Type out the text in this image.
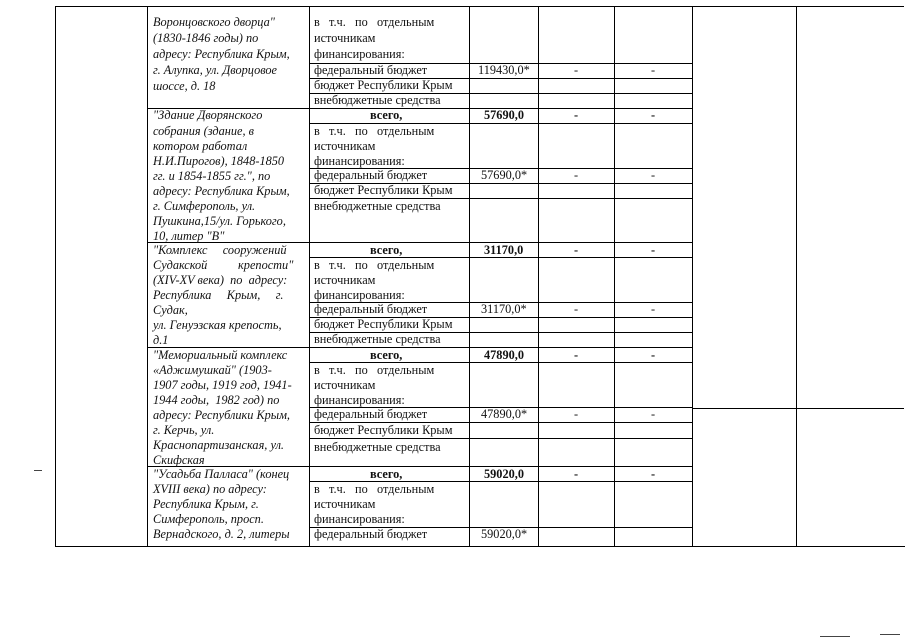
Воронцовского дворца"
(1830-1846 годы) по
адресу: Республика Крым,
г. Алупка, ул. Дворцовое
шоссе, д. 18
в   т.ч.   по   отдельным
источникам
финансирования:
федеральный бюджет	119430,0*	-	-
бюджет Республики Крым
внебюджетные средства
"Здание Дворянского
собрания (здание, в
котором работал
Н.И.Пирогов), 1848-1850
гг. и 1854-1855 гг.", по
адресу: Республика Крым,
г. Симферополь, ул.
Пушкина,15/ул. Горького,
10, литер "В"
всего,	57690,0	-	-
в   т.ч.   по   отдельным
источникам
финансирования:
федеральный бюджет	57690,0*	-	-
бюджет Республики Крым
внебюджетные средства
"Комплекс     сооружений
Судакской          крепости"
(XIV-XV века)  по  адресу:
Республика     Крым,     г.
Судак,
ул. Генуэзская крепость,
д.1
всего,	31170,0	-	-
в   т.ч.   по   отдельным
источникам
финансирования:
федеральный бюджет	31170,0*	-	-
бюджет Республики Крым
внебюджетные средства
"Мемориальный комплекс
«Аджимушкай" (1903-
1907 годы, 1919 год, 1941-
1944 годы,  1982 год) по
адресу: Республики Крым,
г. Керчь, ул.
Краснопартизанская, ул.
Скифская
всего,	47890,0	-	-
в   т.ч.   по   отдельным
источникам
финансирования:
федеральный бюджет	47890,0*	-	-
бюджет Республики Крым
внебюджетные средства
"Усадьба Палласа" (конец
XVIII века) по адресу:
Республика Крым, г.
Симферополь, просп.
Вернадского, д. 2, литеры
всего,	59020,0	-	-
в   т.ч.   по   отдельным
источникам
финансирования:
федеральный бюджет	59020,0*
